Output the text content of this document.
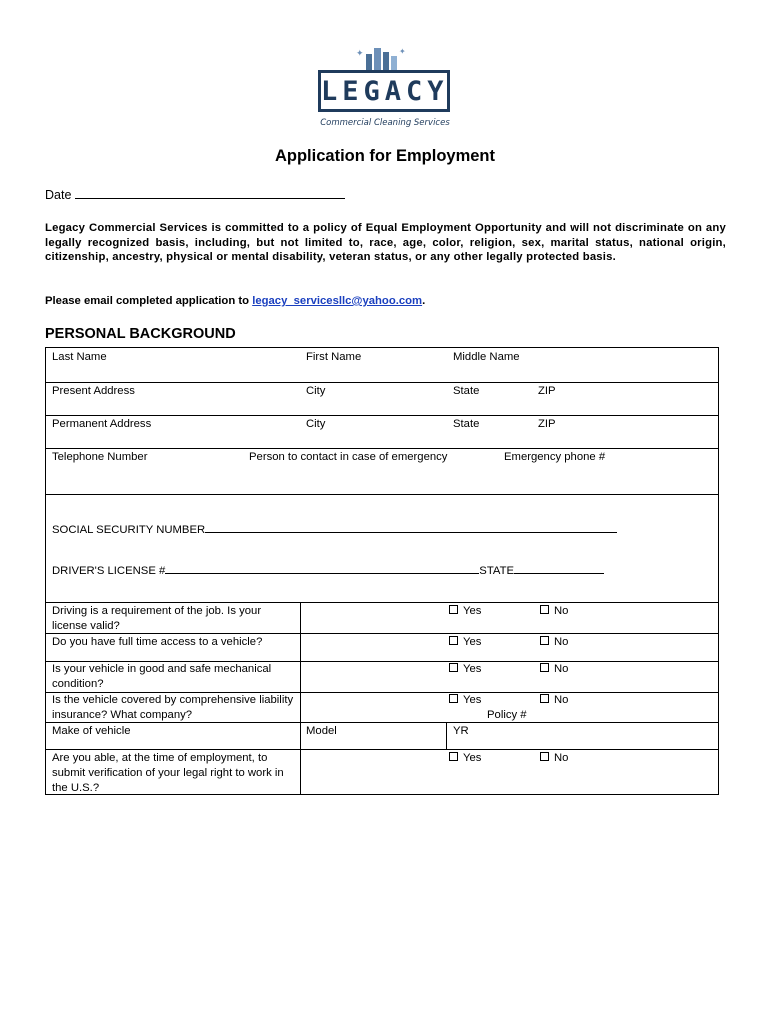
✦	✦
LEGACY
Commercial Cleaning Services
Application for Employment
Date
Legacy Commercial Services is committed to a policy of Equal Employment Opportunity and will not discriminate on any legally recognized basis, including, but not limited to, race, age, color, religion, sex, marital status, national origin, citizenship, ancestry, physical or mental disability, veteran status, or any other legally protected basis.
Please email completed application to legacy_servicesllc@yahoo.com.
PERSONAL BACKGROUND
Last Name	First Name	Middle Name
Present Address	City	State	ZIP
Permanent Address	City	State	ZIP
Telephone Number	Person to contact in case of emergency	Emergency phone #
SOCIAL SECURITY NUMBER
DRIVER'S LICENSE #	STATE
Driving is a requirement of the job. Is your license valid?
Yes	No
Do you have full time access to a vehicle?	Yes	No
Is your vehicle in good and safe mechanical condition?
Yes	No
Is the vehicle covered by comprehensive liability insurance? What company?
Yes	No
Policy #
Make of vehicle	Model	YR
Are you able, at the time of employment, to submit verification of your legal right to work in the U.S.?
Yes	No
